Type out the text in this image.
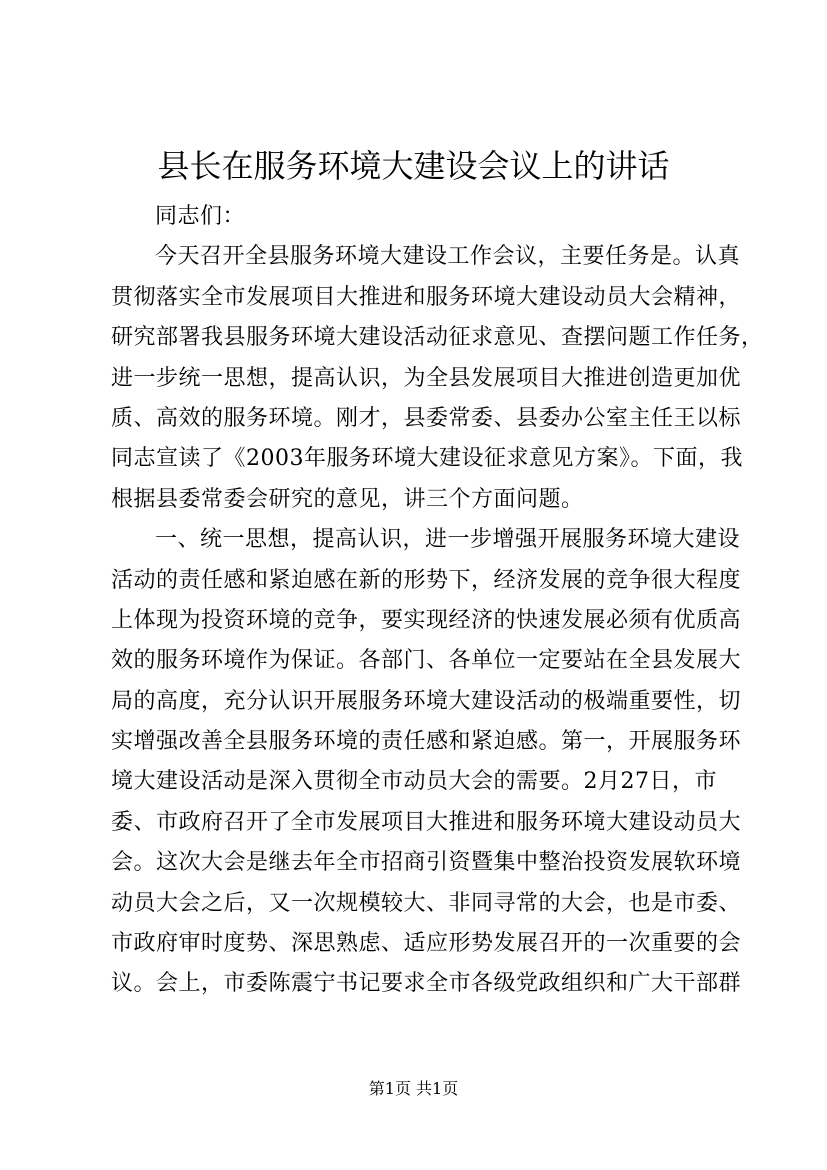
县长在服务环境大建设会议上的讲话
同志们：
今天召开全县服务环境大建设工作会议，主要任务是。认真
贯彻落实全市发展项目大推进和服务环境大建设动员大会精神，
研究部署我县服务环境大建设活动征求意见、查摆问题工作任务，
进一步统一思想，提高认识，为全县发展项目大推进创造更加优
质、高效的服务环境。刚才，县委常委、县委办公室主任王以标
同志宣读了《2003年服务环境大建设征求意见方案》。下面，我
根据县委常委会研究的意见，讲三个方面问题。
一、统一思想，提高认识，进一步增强开展服务环境大建设
活动的责任感和紧迫感在新的形势下，经济发展的竞争很大程度
上体现为投资环境的竞争，要实现经济的快速发展必须有优质高
效的服务环境作为保证。各部门、各单位一定要站在全县发展大
局的高度，充分认识开展服务环境大建设活动的极端重要性，切
实增强改善全县服务环境的责任感和紧迫感。第一，开展服务环
境大建设活动是深入贯彻全市动员大会的需要。2月27日，市
委、市政府召开了全市发展项目大推进和服务环境大建设动员大
会。这次大会是继去年全市招商引资暨集中整治投资发展软环境
动员大会之后，又一次规模较大、非同寻常的大会，也是市委、
市政府审时度势、深思熟虑、适应形势发展召开的一次重要的会
议。会上，市委陈震宁书记要求全市各级党政组织和广大干部群
第1页 共1页
